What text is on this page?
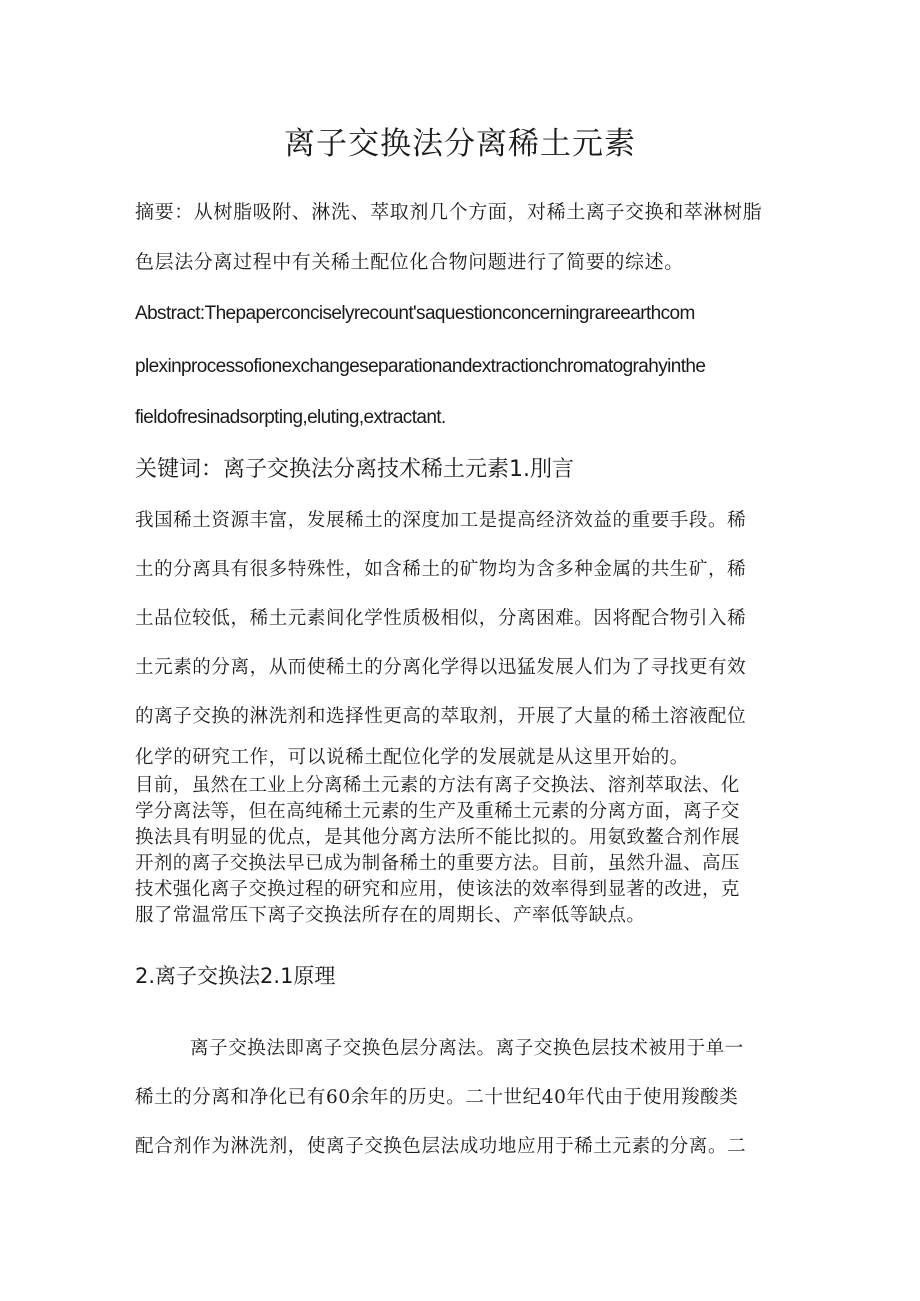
离子交换法分离稀土元素

摘要：从树脂吸附、淋洗、萃取剂几个方面，对稀土离子交换和萃淋树脂

色层法分离过程中有关稀土配位化合物问题进行了简要的综述。

Abstract:Thepaperconciselyrecount'saquestionconcerningrareearthcom

plexinprocessofionexchangeseparationandextractionchromatograhyinthe

fieldofresinadsorpting,eluting,extractant.

关键词：离子交换法分离技术稀土元素1.刖言

我国稀土资源丰富，发展稀土的深度加工是提高经济效益的重要手段。稀

土的分离具有很多特殊性，如含稀土的矿物均为含多种金属的共生矿，稀

土品位较低，稀土元素间化学性质极相似，分离困难。因将配合物引入稀

土元素的分离，从而使稀土的分离化学得以迅猛发展人们为了寻找更有效

的离子交换的淋洗剂和选择性更高的萃取剂，开展了大量的稀土溶液配位

化学的研究工作，可以说稀土配位化学的发展就是从这里开始的。

目前，虽然在工业上分离稀土元素的方法有离子交换法、溶剂萃取法、化

学分离法等，但在高纯稀土元素的生产及重稀土元素的分离方面，离子交

换法具有明显的优点，是其他分离方法所不能比拟的。用氨致鳌合剂作展

开剂的离子交换法早已成为制备稀土的重要方法。目前，虽然升温、高压

技术强化离子交换过程的研究和应用，使该法的效率得到显著的改进，克

服了常温常压下离子交换法所存在的周期长、产率低等缺点。

2.离子交换法2.1原理

离子交换法即离子交换色层分离法。离子交换色层技术被用于单一

稀土的分离和净化已有60余年的历史。二十世纪40年代由于使用羧酸类

配合剂作为淋洗剂，使离子交换色层法成功地应用于稀土元素的分离。二
